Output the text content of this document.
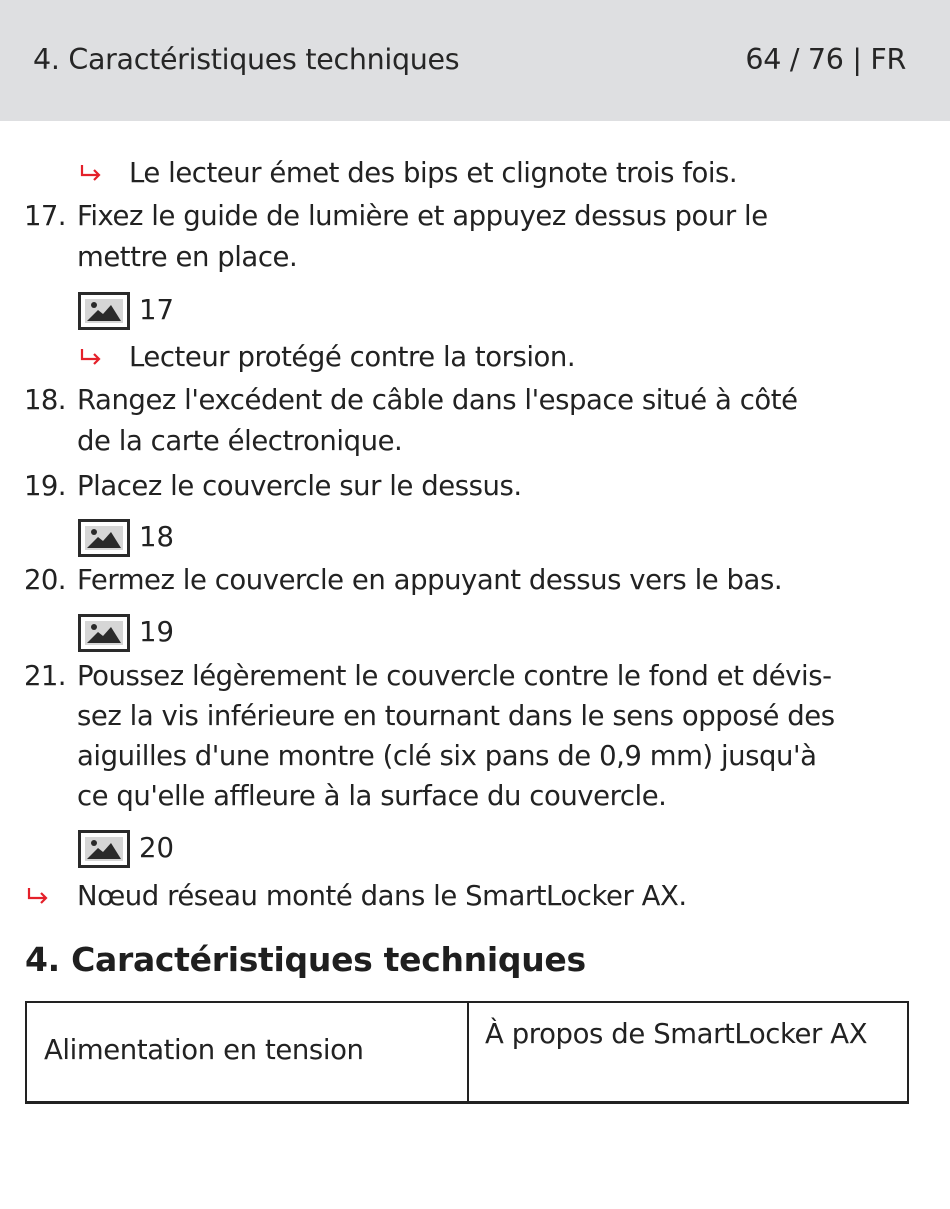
4. Caractéristiques techniques	64 / 76 | FR
Le lecteur émet des bips et clignote trois fois.
17. Fixez le guide de lumière et appuyez dessus pour le
mettre en place.
17
Lecteur protégé contre la torsion.
18. Rangez l'excédent de câble dans l'espace situé à côté
de la carte électronique.
19. Placez le couvercle sur le dessus.
18
20. Fermez le couvercle en appuyant dessus vers le bas.
19
21. Poussez légèrement le couvercle contre le fond et dévis-
sez la vis inférieure en tournant dans le sens opposé des
aiguilles d'une montre (clé six pans de 0,9 mm) jusqu'à
ce qu'elle affleure à la surface du couvercle.
20
Nœud réseau monté dans le SmartLocker AX.
4. Caractéristiques techniques
Alimentation en tension	À propos de SmartLocker AX
